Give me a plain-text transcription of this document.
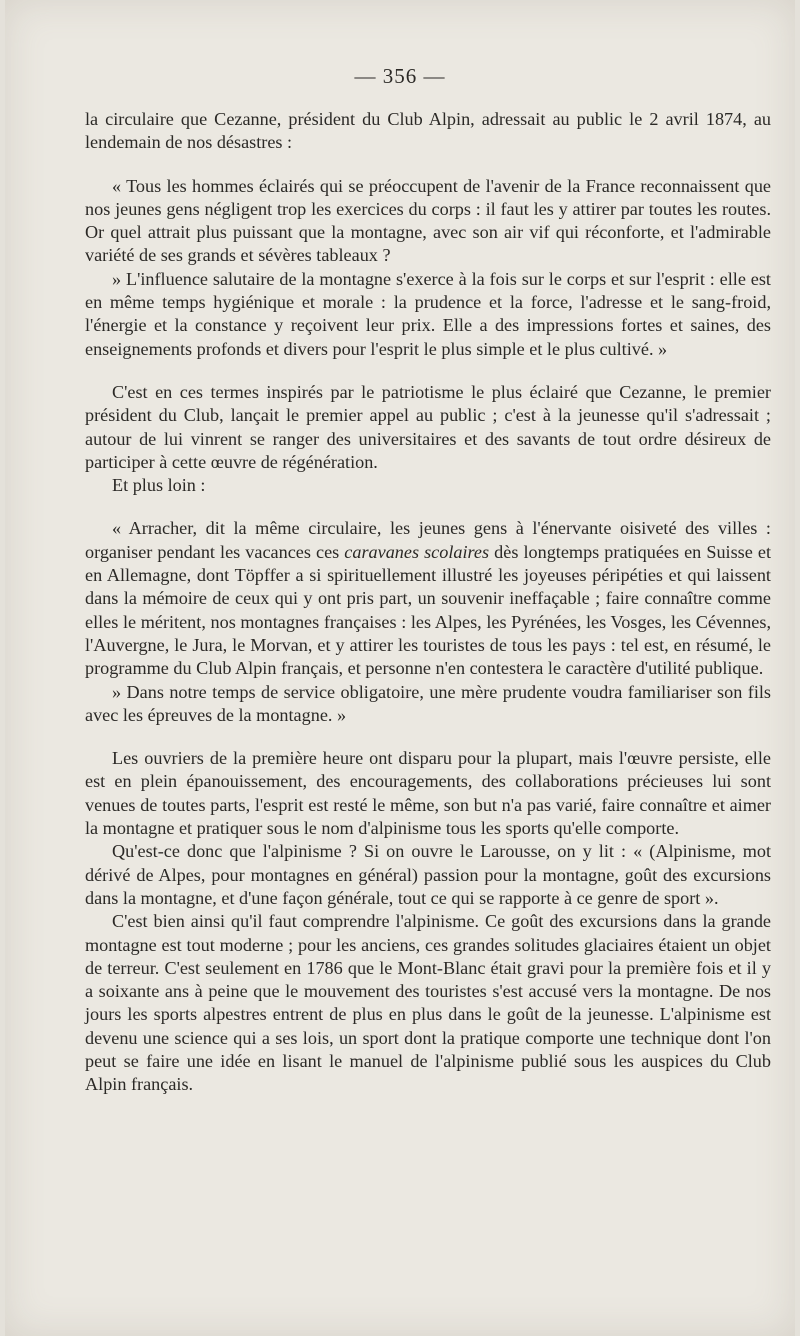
— 356 —

la circulaire que Cezanne, président du Club Alpin, adressait au public le 2 avril 1874, au lendemain de nos désastres :

« Tous les hommes éclairés qui se préoccupent de l'avenir de la France reconnaissent que nos jeunes gens négligent trop les exercices du corps : il faut les y attirer par toutes les routes. Or quel attrait plus puissant que la montagne, avec son air vif qui réconforte, et l'admirable variété de ses grands et sévères tableaux ?

» L'influence salutaire de la montagne s'exerce à la fois sur le corps et sur l'esprit : elle est en même temps hygiénique et morale : la prudence et la force, l'adresse et le sang-froid, l'énergie et la constance y reçoivent leur prix. Elle a des impressions fortes et saines, des enseignements profonds et divers pour l'esprit le plus simple et le plus cultivé. »

C'est en ces termes inspirés par le patriotisme le plus éclairé que Cezanne, le premier président du Club, lançait le premier appel au public ; c'est à la jeunesse qu'il s'adressait ; autour de lui vinrent se ranger des universitaires et des savants de tout ordre désireux de participer à cette œuvre de régénération.

Et plus loin :

« Arracher, dit la même circulaire, les jeunes gens à l'énervante oisiveté des villes : organiser pendant les vacances ces caravanes scolaires dès longtemps pratiquées en Suisse et en Allemagne, dont Töpffer a si spirituellement illustré les joyeuses péripéties et qui laissent dans la mémoire de ceux qui y ont pris part, un souvenir ineffaçable ; faire connaître comme elles le méritent, nos montagnes françaises : les Alpes, les Pyrénées, les Vosges, les Cévennes, l'Auvergne, le Jura, le Morvan, et y attirer les touristes de tous les pays : tel est, en résumé, le programme du Club Alpin français, et personne n'en contestera le caractère d'utilité publique.

» Dans notre temps de service obligatoire, une mère prudente voudra familiariser son fils avec les épreuves de la montagne. »

Les ouvriers de la première heure ont disparu pour la plupart, mais l'œuvre persiste, elle est en plein épanouissement, des encouragements, des collaborations précieuses lui sont venues de toutes parts, l'esprit est resté le même, son but n'a pas varié, faire connaître et aimer la montagne et pratiquer sous le nom d'alpinisme tous les sports qu'elle comporte.

Qu'est-ce donc que l'alpinisme ? Si on ouvre le Larousse, on y lit : « (Alpinisme, mot dérivé de Alpes, pour montagnes en général) passion pour la montagne, goût des excursions dans la montagne, et d'une façon générale, tout ce qui se rapporte à ce genre de sport ».

C'est bien ainsi qu'il faut comprendre l'alpinisme. Ce goût des excursions dans la grande montagne est tout moderne ; pour les anciens, ces grandes solitudes glaciaires étaient un objet de terreur. C'est seulement en 1786 que le Mont-Blanc était gravi pour la première fois et il y a soixante ans à peine que le mouvement des touristes s'est accusé vers la montagne. De nos jours les sports alpestres entrent de plus en plus dans le goût de la jeunesse. L'alpinisme est devenu une science qui a ses lois, un sport dont la pratique comporte une technique dont l'on peut se faire une idée en lisant le manuel de l'alpinisme publié sous les auspices du Club Alpin français.
